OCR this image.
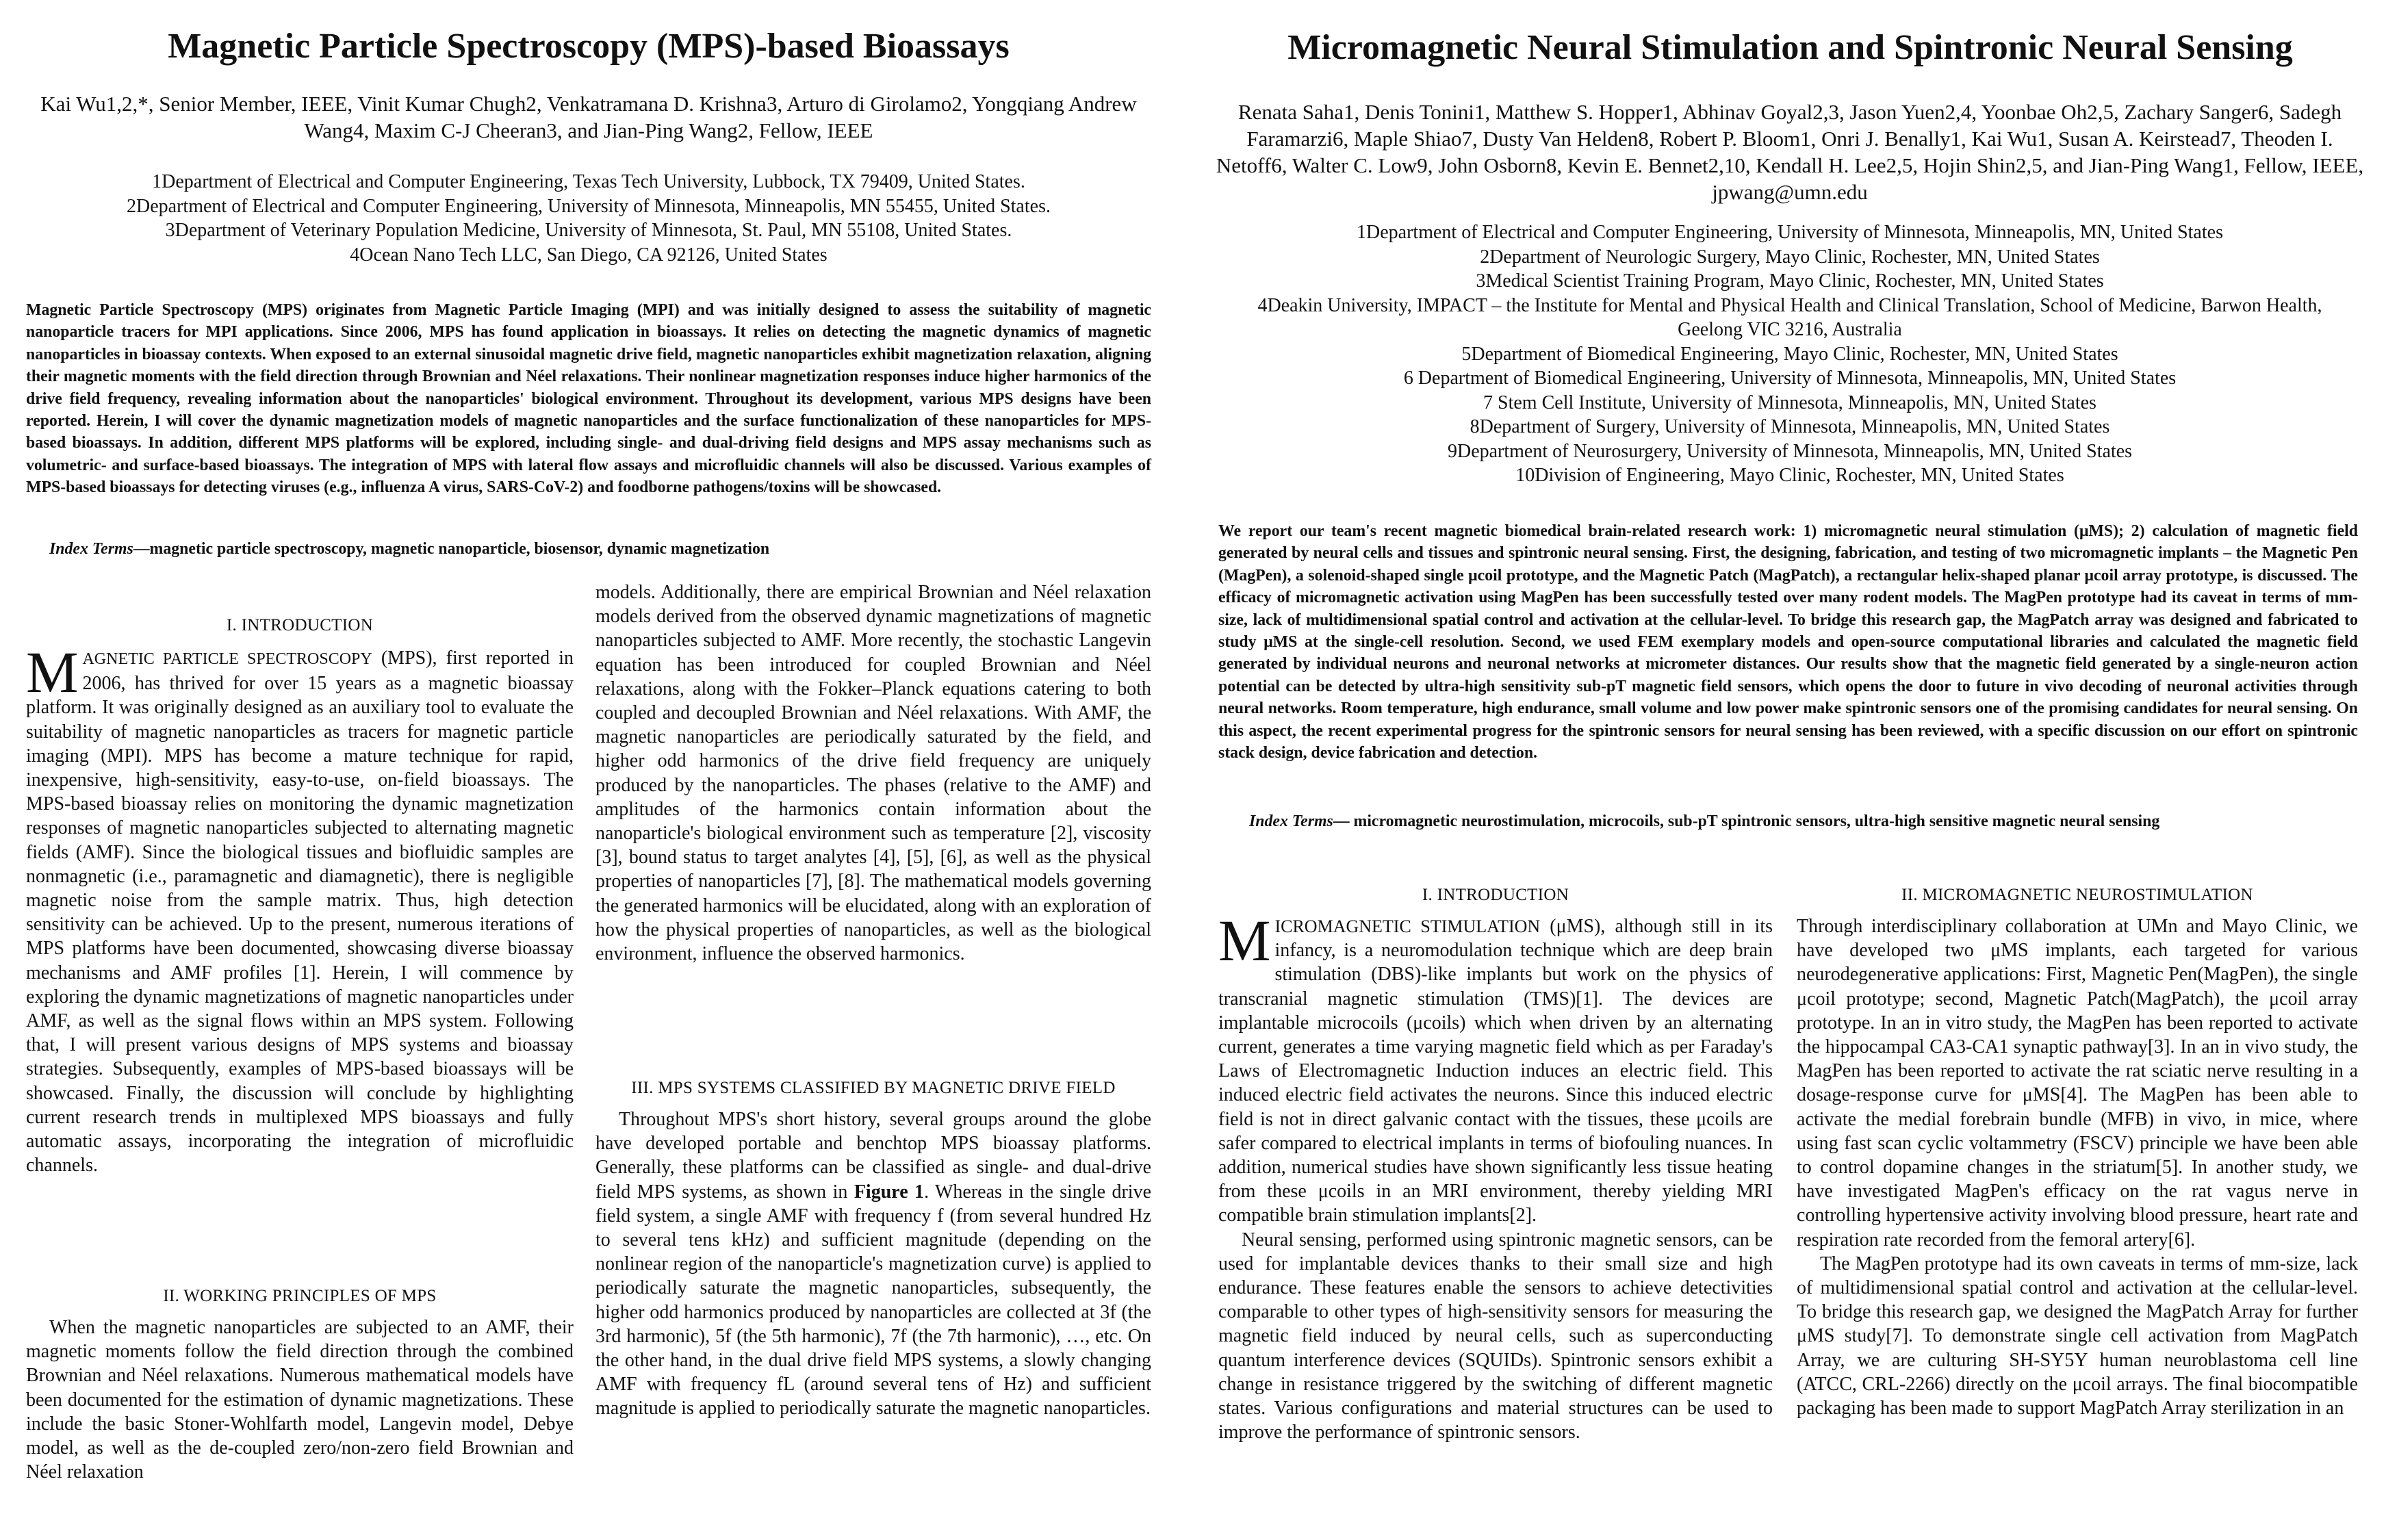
Magnetic Particle Spectroscopy (MPS)-based Bioassays
Kai Wu1,2,*, Senior Member, IEEE, Vinit Kumar Chugh2, Venkatramana D. Krishna3, Arturo di Girolamo2, Yongqiang Andrew Wang4, Maxim C-J Cheeran3, and Jian-Ping Wang2, Fellow, IEEE
1Department of Electrical and Computer Engineering, Texas Tech University, Lubbock, TX 79409, United States.
2Department of Electrical and Computer Engineering, University of Minnesota, Minneapolis, MN 55455, United States.
3Department of Veterinary Population Medicine, University of Minnesota, St. Paul, MN 55108, United States.
4Ocean Nano Tech LLC, San Diego, CA 92126, United States
Magnetic Particle Spectroscopy (MPS) originates from Magnetic Particle Imaging (MPI) and was initially designed to assess the suitability of magnetic nanoparticle tracers for MPI applications. Since 2006, MPS has found application in bioassays. It relies on detecting the magnetic dynamics of magnetic nanoparticles in bioassay contexts. When exposed to an external sinusoidal magnetic drive field, magnetic nanoparticles exhibit magnetization relaxation, aligning their magnetic moments with the field direction through Brownian and Néel relaxations. Their nonlinear magnetization responses induce higher harmonics of the drive field frequency, revealing information about the nanoparticles' biological environment. Throughout its development, various MPS designs have been reported. Herein, I will cover the dynamic magnetization models of magnetic nanoparticles and the surface functionalization of these nanoparticles for MPS-based bioassays. In addition, different MPS platforms will be explored, including single- and dual-driving field designs and MPS assay mechanisms such as volumetric- and surface-based bioassays. The integration of MPS with lateral flow assays and microfluidic channels will also be discussed. Various examples of MPS-based bioassays for detecting viruses (e.g., influenza A virus, SARS-CoV-2) and foodborne pathogens/toxins will be showcased.
Index Terms—magnetic particle spectroscopy, magnetic nanoparticle, biosensor, dynamic magnetization
I. INTRODUCTION

MAGNETIC PARTICLE SPECTROSCOPY (MPS), first reported in 2006, has thrived for over 15 years as a magnetic bioassay platform. It was originally designed as an auxiliary tool to evaluate the suitability of magnetic nanoparticles as tracers for magnetic particle imaging (MPI). MPS has become a mature technique for rapid, inexpensive, high-sensitivity, easy-to-use, on-field bioassays. The MPS-based bioassay relies on monitoring the dynamic magnetization responses of magnetic nanoparticles subjected to alternating magnetic fields (AMF). Since the biological tissues and biofluidic samples are nonmagnetic (i.e., paramagnetic and diamagnetic), there is negligible magnetic noise from the sample matrix. Thus, high detection sensitivity can be achieved. Up to the present, numerous iterations of MPS platforms have been documented, showcasing diverse bioassay mechanisms and AMF profiles [1]. Herein, I will commence by exploring the dynamic magnetizations of magnetic nanoparticles under AMF, as well as the signal flows within an MPS system. Following that, I will present various designs of MPS systems and bioassay strategies. Subsequently, examples of MPS-based bioassays will be showcased. Finally, the discussion will conclude by highlighting current research trends in multiplexed MPS bioassays and fully automatic assays, incorporating the integration of microfluidic channels.

II. WORKING PRINCIPLES OF MPS

When the magnetic nanoparticles are subjected to an AMF, their magnetic moments follow the field direction through the combined Brownian and Néel relaxations. Numerous mathematical models have been documented for the estimation of dynamic magnetizations. These include the basic Stoner-Wohlfarth model, Langevin model, Debye model, as well as the de-coupled zero/non-zero field Brownian and Néel relaxation

models. Additionally, there are empirical Brownian and Néel relaxation models derived from the observed dynamic magnetizations of magnetic nanoparticles subjected to AMF. More recently, the stochastic Langevin equation has been introduced for coupled Brownian and Néel relaxations, along with the Fokker–Planck equations catering to both coupled and decoupled Brownian and Néel relaxations. With AMF, the magnetic nanoparticles are periodically saturated by the field, and higher odd harmonics of the drive field frequency are uniquely produced by the nanoparticles. The phases (relative to the AMF) and amplitudes of the harmonics contain information about the nanoparticle's biological environment such as temperature [2], viscosity [3], bound status to target analytes [4], [5], [6], as well as the physical properties of nanoparticles [7], [8]. The mathematical models governing the generated harmonics will be elucidated, along with an exploration of how the physical properties of nanoparticles, as well as the biological environment, influence the observed harmonics.

III. MPS SYSTEMS CLASSIFIED BY MAGNETIC DRIVE FIELD

Throughout MPS's short history, several groups around the globe have developed portable and benchtop MPS bioassay platforms. Generally, these platforms can be classified as single- and dual-drive field MPS systems, as shown in Figure 1. Whereas in the single drive field system, a single AMF with frequency f (from several hundred Hz to several tens kHz) and sufficient magnitude (depending on the nonlinear region of the nanoparticle's magnetization curve) is applied to periodically saturate the magnetic nanoparticles, subsequently, the higher odd harmonics produced by nanoparticles are collected at 3f (the 3rd harmonic), 5f (the 5th harmonic), 7f (the 7th harmonic), …, etc. On the other hand, in the dual drive field MPS systems, a slowly changing AMF with frequency fL (around several tens of Hz) and sufficient magnitude is applied to periodically saturate the magnetic nanoparticles.

Micromagnetic Neural Stimulation and Spintronic Neural Sensing
Renata Saha1, Denis Tonini1, Matthew S. Hopper1, Abhinav Goyal2,3, Jason Yuen2,4, Yoonbae Oh2,5, Zachary Sanger6, Sadegh Faramarzi6, Maple Shiao7, Dusty Van Helden8, Robert P. Bloom1, Onri J. Benally1, Kai Wu1, Susan A. Keirstead7, Theoden I. Netoff6, Walter C. Low9, John Osborn8, Kevin E. Bennet2,10, Kendall H. Lee2,5, Hojin Shin2,5, and Jian-Ping Wang1, Fellow, IEEE, jpwang@umn.edu
1Department of Electrical and Computer Engineering, University of Minnesota, Minneapolis, MN, United States
2Department of Neurologic Surgery, Mayo Clinic, Rochester, MN, United States
3Medical Scientist Training Program, Mayo Clinic, Rochester, MN, United States
4Deakin University, IMPACT – the Institute for Mental and Physical Health and Clinical Translation, School of Medicine, Barwon Health, Geelong VIC 3216, Australia
5Department of Biomedical Engineering, Mayo Clinic, Rochester, MN, United States
6 Department of Biomedical Engineering, University of Minnesota, Minneapolis, MN, United States
7 Stem Cell Institute, University of Minnesota, Minneapolis, MN, United States
8Department of Surgery, University of Minnesota, Minneapolis, MN, United States
9Department of Neurosurgery, University of Minnesota, Minneapolis, MN, United States
10Division of Engineering, Mayo Clinic, Rochester, MN, United States
We report our team's recent magnetic biomedical brain-related research work: 1) micromagnetic neural stimulation (μMS); 2) calculation of magnetic field generated by neural cells and tissues and spintronic neural sensing. First, the designing, fabrication, and testing of two micromagnetic implants – the Magnetic Pen (MagPen), a solenoid-shaped single μcoil prototype, and the Magnetic Patch (MagPatch), a rectangular helix-shaped planar μcoil array prototype, is discussed. The efficacy of micromagnetic activation using MagPen has been successfully tested over many rodent models. The MagPen prototype had its caveat in terms of mm-size, lack of multidimensional spatial control and activation at the cellular-level. To bridge this research gap, the MagPatch array was designed and fabricated to study μMS at the single-cell resolution. Second, we used FEM exemplary models and open-source computational libraries and calculated the magnetic field generated by individual neurons and neuronal networks at micrometer distances. Our results show that the magnetic field generated by a single-neuron action potential can be detected by ultra-high sensitivity sub-pT magnetic field sensors, which opens the door to future in vivo decoding of neuronal activities through neural networks. Room temperature, high endurance, small volume and low power make spintronic sensors one of the promising candidates for neural sensing. On this aspect, the recent experimental progress for the spintronic sensors for neural sensing has been reviewed, with a specific discussion on our effort on spintronic stack design, device fabrication and detection.
Index Terms— micromagnetic neurostimulation, microcoils, sub-pT spintronic sensors, ultra-high sensitive magnetic neural sensing
I. INTRODUCTION

MICROMAGNETIC STIMULATION (μMS), although still in its infancy, is a neuromodulation technique which are deep brain stimulation (DBS)-like implants but work on the physics of transcranial magnetic stimulation (TMS)[1]. The devices are implantable microcoils (μcoils) which when driven by an alternating current, generates a time varying magnetic field which as per Faraday's Laws of Electromagnetic Induction induces an electric field. This induced electric field activates the neurons. Since this induced electric field is not in direct galvanic contact with the tissues, these μcoils are safer compared to electrical implants in terms of biofouling nuances. In addition, numerical studies have shown significantly less tissue heating from these μcoils in an MRI environment, thereby yielding MRI compatible brain stimulation implants[2].

Neural sensing, performed using spintronic magnetic sensors, can be used for implantable devices thanks to their small size and high endurance. These features enable the sensors to achieve detectivities comparable to other types of high-sensitivity sensors for measuring the magnetic field induced by neural cells, such as superconducting quantum interference devices (SQUIDs). Spintronic sensors exhibit a change in resistance triggered by the switching of different magnetic states. Various configurations and material structures can be used to improve the performance of spintronic sensors.

II. MICROMAGNETIC NEUROSTIMULATION

Through interdisciplinary collaboration at UMn and Mayo Clinic, we have developed two μMS implants, each targeted for various neurodegenerative applications: First, Magnetic Pen(MagPen), the single μcoil prototype; second, Magnetic Patch(MagPatch), the μcoil array prototype. In an in vitro study, the MagPen has been reported to activate the hippocampal CA3-CA1 synaptic pathway[3]. In an in vivo study, the MagPen has been reported to activate the rat sciatic nerve resulting in a dosage-response curve for μMS[4]. The MagPen has been able to activate the medial forebrain bundle (MFB) in vivo, in mice, where using fast scan cyclic voltammetry (FSCV) principle we have been able to control dopamine changes in the striatum[5]. In another study, we have investigated MagPen's efficacy on the rat vagus nerve in controlling hypertensive activity involving blood pressure, heart rate and respiration rate recorded from the femoral artery[6].

The MagPen prototype had its own caveats in terms of mm-size, lack of multidimensional spatial control and activation at the cellular-level. To bridge this research gap, we designed the MagPatch Array for further μMS study[7]. To demonstrate single cell activation from MagPatch Array, we are culturing SH-SY5Y human neuroblastoma cell line (ATCC, CRL-2266) directly on the μcoil arrays. The final biocompatible packaging has been made to support MagPatch Array sterilization in an
